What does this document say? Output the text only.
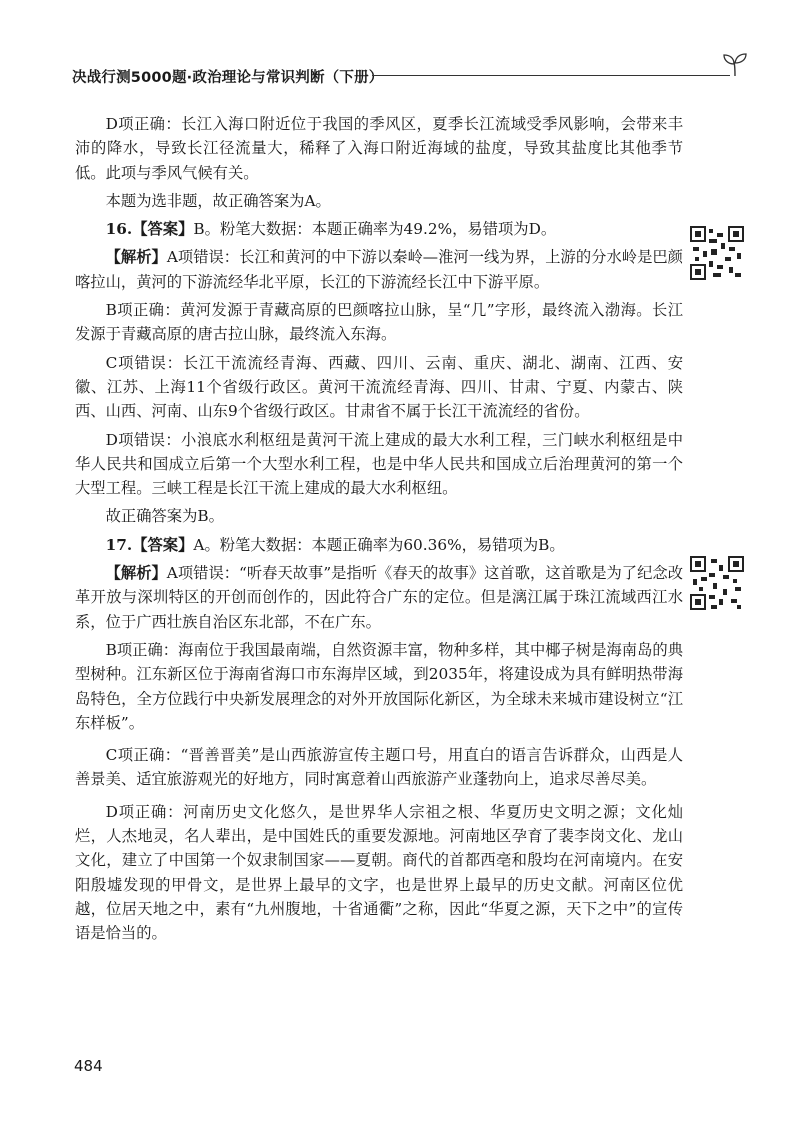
决战行测5000题·政治理论与常识判断（下册）

D项正确：长江入海口附近位于我国的季风区，夏季长江流域受季风影响，会带来丰沛的降水，导致长江径流量大，稀释了入海口附近海域的盐度，导致其盐度比其他季节低。此项与季风气候有关。

本题为选非题，故正确答案为A。

16.【答案】B。粉笔大数据：本题正确率为49.2%，易错项为D。

【解析】A项错误：长江和黄河的中下游以秦岭—淮河一线为界，上游的分水岭是巴颜喀拉山，黄河的下游流经华北平原，长江的下游流经长江中下游平原。

B项正确：黄河发源于青藏高原的巴颜喀拉山脉，呈“几”字形，最终流入渤海。长江发源于青藏高原的唐古拉山脉，最终流入东海。

C项错误：长江干流流经青海、西藏、四川、云南、重庆、湖北、湖南、江西、安徽、江苏、上海11个省级行政区。黄河干流流经青海、四川、甘肃、宁夏、内蒙古、陕西、山西、河南、山东9个省级行政区。甘肃省不属于长江干流流经的省份。

D项错误：小浪底水利枢纽是黄河干流上建成的最大水利工程，三门峡水利枢纽是中华人民共和国成立后第一个大型水利工程，也是中华人民共和国成立后治理黄河的第一个大型工程。三峡工程是长江干流上建成的最大水利枢纽。

故正确答案为B。

17.【答案】A。粉笔大数据：本题正确率为60.36%，易错项为B。

【解析】A项错误：“听春天故事”是指听《春天的故事》这首歌，这首歌是为了纪念改革开放与深圳特区的开创而创作的，因此符合广东的定位。但是漓江属于珠江流域西江水系，位于广西壮族自治区东北部，不在广东。

B项正确：海南位于我国最南端，自然资源丰富，物种多样，其中椰子树是海南岛的典型树种。江东新区位于海南省海口市东海岸区域，到2035年，将建设成为具有鲜明热带海岛特色，全方位践行中央新发展理念的对外开放国际化新区，为全球未来城市建设树立“江东样板”。

C项正确：“晋善晋美”是山西旅游宣传主题口号，用直白的语言告诉群众，山西是人善景美、适宜旅游观光的好地方，同时寓意着山西旅游产业蓬勃向上，追求尽善尽美。

D项正确：河南历史文化悠久，是世界华人宗祖之根、华夏历史文明之源；文化灿烂，人杰地灵，名人辈出，是中国姓氏的重要发源地。河南地区孕育了裴李岗文化、龙山文化，建立了中国第一个奴隶制国家——夏朝。商代的首都西亳和殷均在河南境内。在安阳殷墟发现的甲骨文，是世界上最早的文字，也是世界上最早的历史文献。河南区位优越，位居天地之中，素有“九州腹地，十省通衢”之称，因此“华夏之源，天下之中”的宣传语是恰当的。

484
